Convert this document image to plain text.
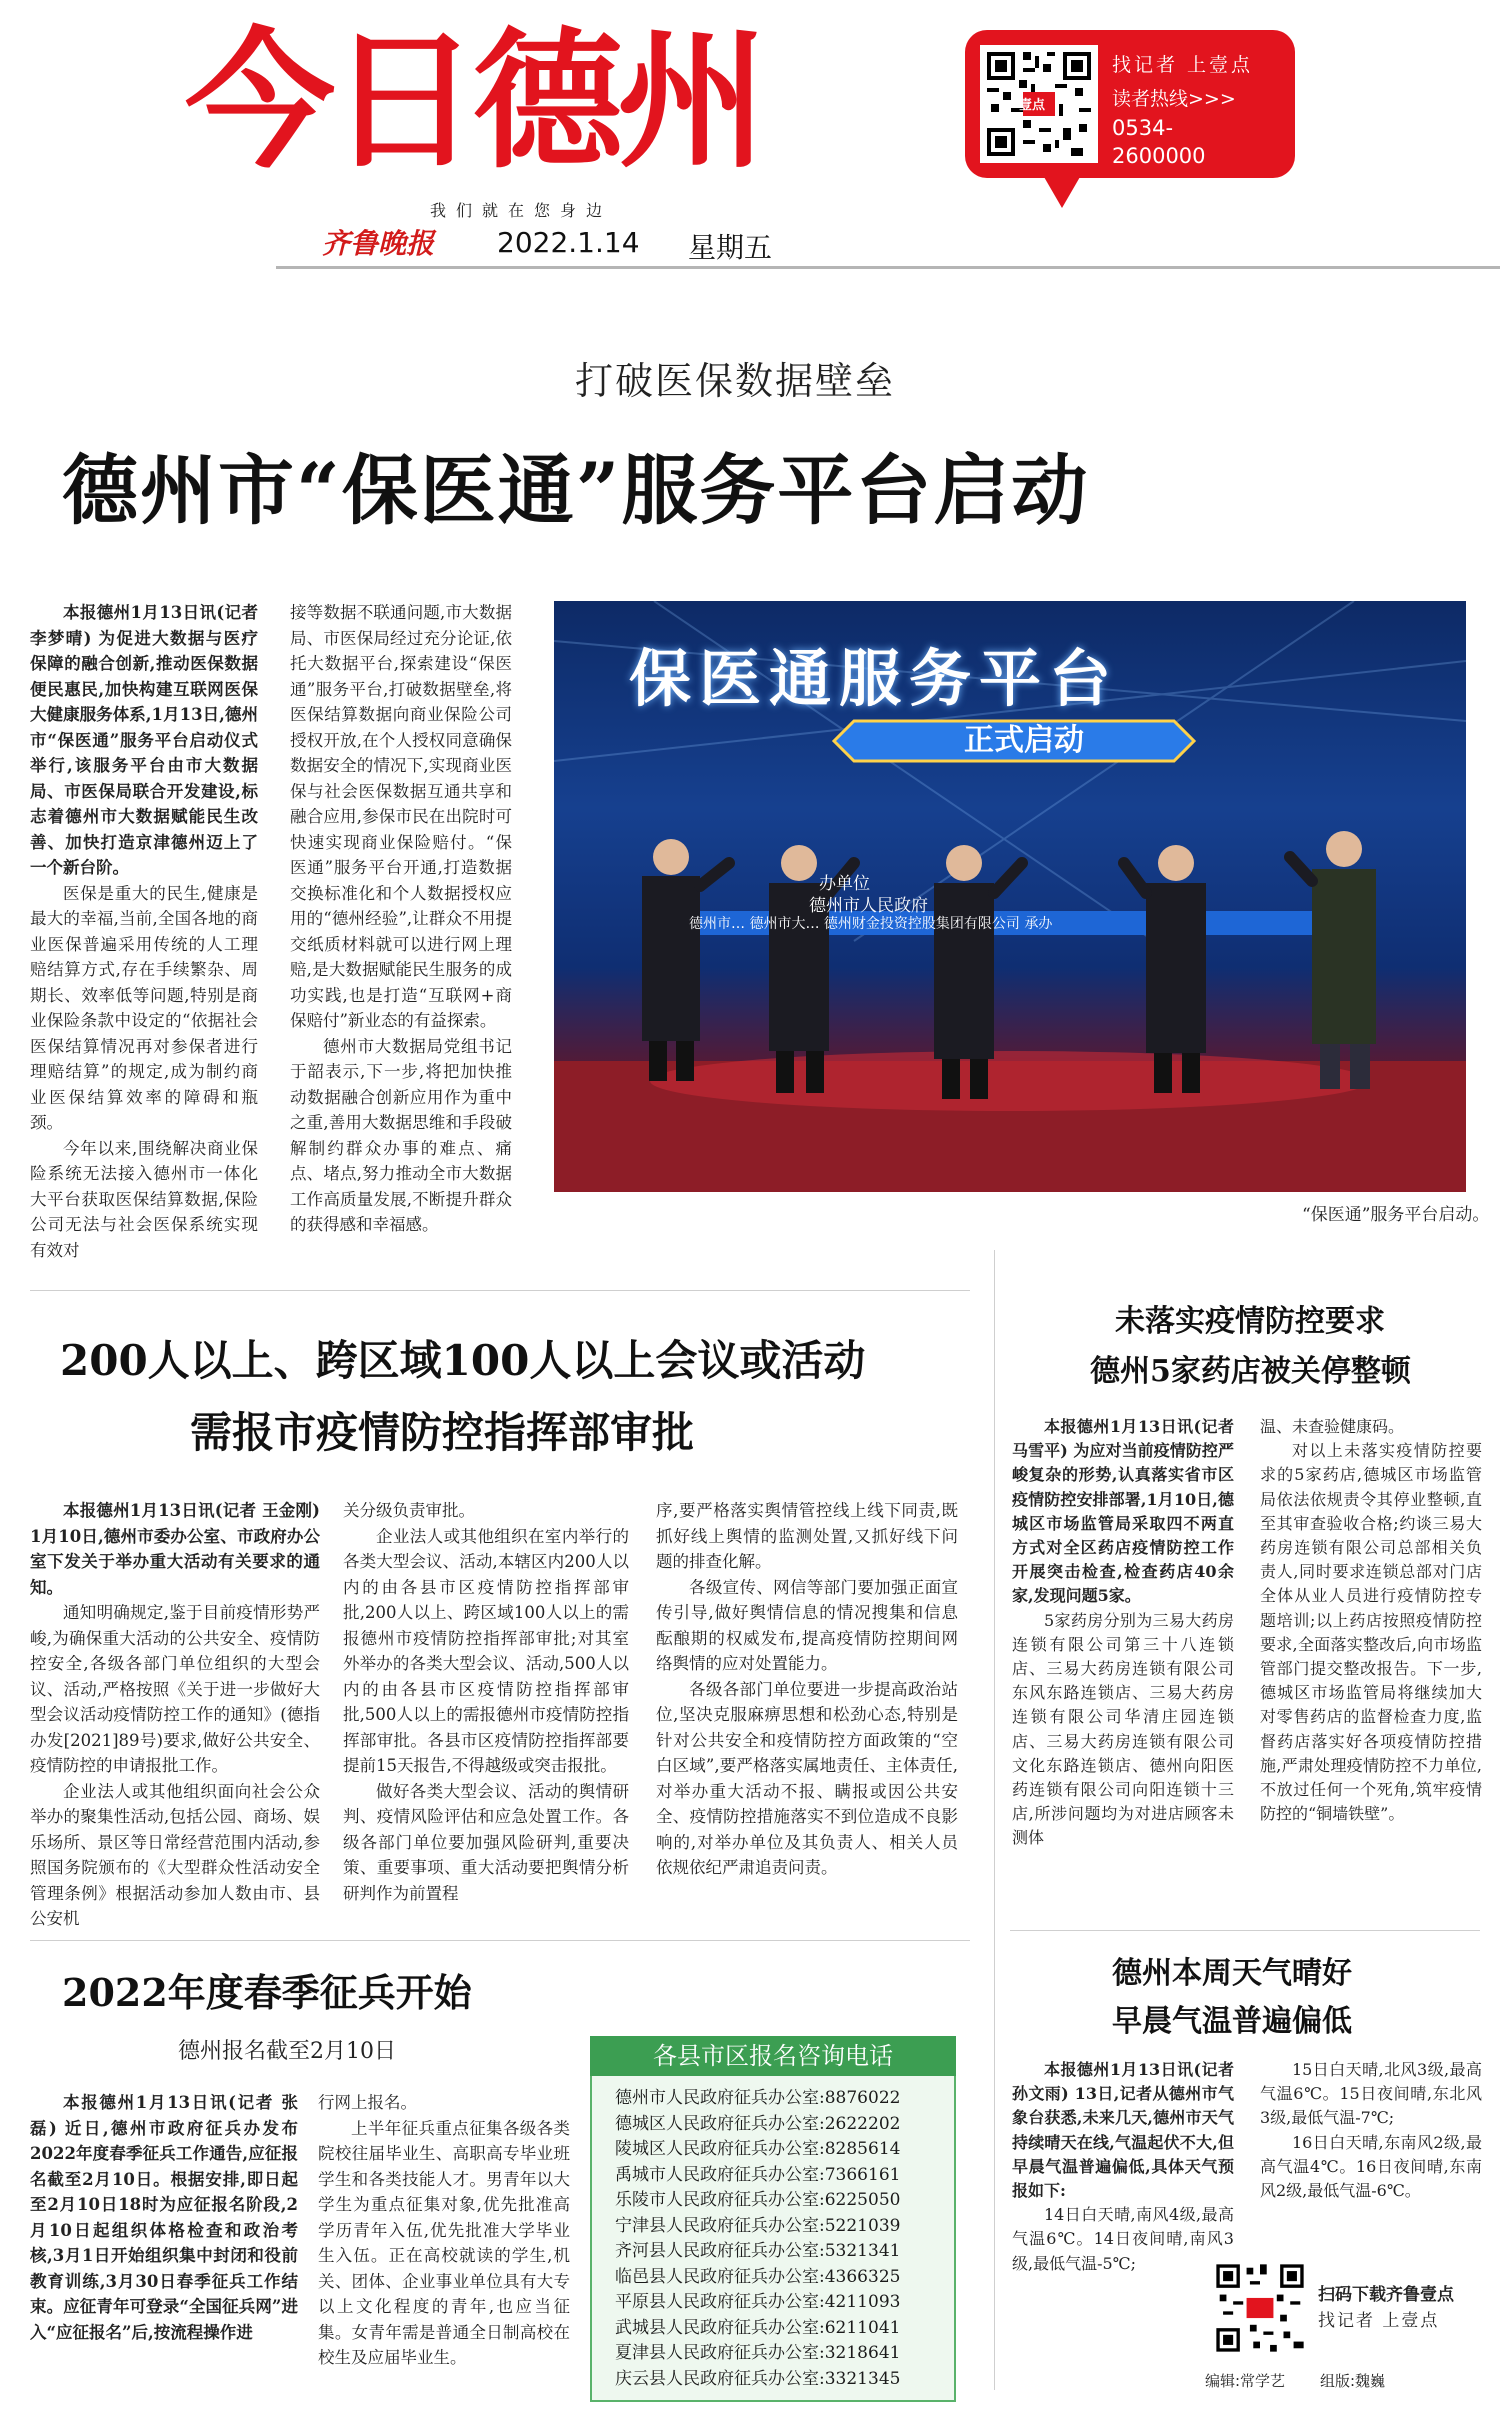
今日德州
我们就在您身边
齐鲁晚报 2022.1.14 星期五
壹点
找记者 上壹点
读者热线>>>
0534-
2600000
打破医保数据壁垒
德州市“保医通”服务平台启动

本报德州1月13日讯(记者 李梦晴) 为促进大数据与医疗保障的融合创新,推动医保数据便民惠民,加快构建互联网医保大健康服务体系,1月13日,德州市“保医通”服务平台启动仪式举行,该服务平台由市大数据局、市医保局联合开发建设,标志着德州市大数据赋能民生改善、加快打造京津德州迈上了一个新台阶。

医保是重大的民生,健康是最大的幸福,当前,全国各地的商业医保普遍采用传统的人工理赔结算方式,存在手续繁杂、周期长、效率低等问题,特别是商业保险条款中设定的“依据社会医保结算情况再对参保者进行理赔结算”的规定,成为制约商业医保结算效率的障碍和瓶颈。

今年以来,围绕解决商业保险系统无法接入德州市一体化大平台获取医保结算数据,保险公司无法与社会医保系统实现有效对

接等数据不联通问题,市大数据局、市医保局经过充分论证,依托大数据平台,探索建设“保医通”服务平台,打破数据壁垒,将医保结算数据向商业保险公司授权开放,在个人授权同意确保数据安全的情况下,实现商业医保与社会医保数据互通共享和融合应用,参保市民在出院时可快速实现商业保险赔付。“保医通”服务平台开通,打造数据交换标准化和个人数据授权应用的“德州经验”,让群众不用提交纸质材料就可以进行网上理赔,是大数据赋能民生服务的成功实践,也是打造“互联网+商保赔付”新业态的有益探索。

德州市大数据局党组书记于韶表示,下一步,将把加快推动数据融合创新应用作为重中之重,善用大数据思维和手段破解制约群众办事的难点、痛点、堵点,努力推动全市大数据工作高质量发展,不断提升群众的获得感和幸福感。

保医通服务平台
正式启动
办单位
德州市人民政府
德州市… 德州市大… 德州财金投资控股集团有限公司 承办
“保医通”服务平台启动。
200人以上、跨区域100人以上会议或活动
需报市疫情防控指挥部审批

本报德州1月13日讯(记者 王金刚) 1月10日,德州市委办公室、市政府办公室下发关于举办重大活动有关要求的通知。

通知明确规定,鉴于目前疫情形势严峻,为确保重大活动的公共安全、疫情防控安全,各级各部门单位组织的大型会议、活动,严格按照《关于进一步做好大型会议活动疫情防控工作的通知》(德指办发[2021]89号)要求,做好公共安全、疫情防控的申请报批工作。

企业法人或其他组织面向社会公众举办的聚集性活动,包括公园、商场、娱乐场所、景区等日常经营范围内活动,参照国务院颁布的《大型群众性活动安全管理条例》根据活动参加人数由市、县公安机

关分级负责审批。

企业法人或其他组织在室内举行的各类大型会议、活动,本辖区内200人以内的由各县市区疫情防控指挥部审批,200人以上、跨区域100人以上的需报德州市疫情防控指挥部审批;对其室外举办的各类大型会议、活动,500人以内的由各县市区疫情防控指挥部审批,500人以上的需报德州市疫情防控指挥部审批。各县市区疫情防控指挥部要提前15天报告,不得越级或突击报批。

做好各类大型会议、活动的舆情研判、疫情风险评估和应急处置工作。各级各部门单位要加强风险研判,重要决策、重要事项、重大活动要把舆情分析研判作为前置程

序,要严格落实舆情管控线上线下同责,既抓好线上舆情的监测处置,又抓好线下问题的排查化解。

各级宣传、网信等部门要加强正面宣传引导,做好舆情信息的情况搜集和信息酝酿期的权威发布,提高疫情防控期间网络舆情的应对处置能力。

各级各部门单位要进一步提高政治站位,坚决克服麻痹思想和松劲心态,特别是针对公共安全和疫情防控方面政策的“空白区域”,要严格落实属地责任、主体责任,对举办重大活动不报、瞒报或因公共安全、疫情防控措施落实不到位造成不良影响的,对举办单位及其负责人、相关人员依规依纪严肃追责问责。

未落实疫情防控要求
德州5家药店被关停整顿

本报德州1月13日讯(记者 马雪平) 为应对当前疫情防控严峻复杂的形势,认真落实省市区疫情防控安排部署,1月10日,德城区市场监管局采取四不两直方式对全区药店疫情防控工作开展突击检查,检查药店40余家,发现问题5家。

5家药房分别为三易大药房连锁有限公司第三十八连锁店、三易大药房连锁有限公司东风东路连锁店、三易大药房连锁有限公司华清庄园连锁店、三易大药房连锁有限公司文化东路连锁店、德州向阳医药连锁有限公司向阳连锁十三店,所涉问题均为对进店顾客未测体

温、未查验健康码。

对以上未落实疫情防控要求的5家药店,德城区市场监管局依法依规责令其停业整顿,直至其审查验收合格;约谈三易大药房连锁有限公司总部相关负责人,同时要求连锁总部对门店全体从业人员进行疫情防控专题培训;以上药店按照疫情防控要求,全面落实整改后,向市场监管部门提交整改报告。下一步,德城区市场监管局将继续加大对零售药店的监督检查力度,监督药店落实好各项疫情防控措施,严肃处理疫情防控不力单位,不放过任何一个死角,筑牢疫情防控的“铜墙铁壁”。

2022年度春季征兵开始
德州报名截至2月10日

本报德州1月13日讯(记者 张磊) 近日,德州市政府征兵办发布2022年度春季征兵工作通告,应征报名截至2月10日。根据安排,即日起至2月10日18时为应征报名阶段,2月10日起组织体格检查和政治考核,3月1日开始组织集中封闭和役前教育训练,3月30日春季征兵工作结束。应征青年可登录“全国征兵网”进入“应征报名”后,按流程操作进

行网上报名。

上半年征兵重点征集各级各类院校往届毕业生、高职高专毕业班学生和各类技能人才。男青年以大学生为重点征集对象,优先批准高学历青年入伍,优先批准大学毕业生入伍。正在高校就读的学生,机关、团体、企业事业单位具有大专以上文化程度的青年,也应当征集。女青年需是普通全日制高校在校生及应届毕业生。

各县市区报名咨询电话
德州市人民政府征兵办公室:8876022
德城区人民政府征兵办公室:2622202
陵城区人民政府征兵办公室:8285614
禹城市人民政府征兵办公室:7366161
乐陵市人民政府征兵办公室:6225050
宁津县人民政府征兵办公室:5221039
齐河县人民政府征兵办公室:5321341
临邑县人民政府征兵办公室:4366325
平原县人民政府征兵办公室:4211093
武城县人民政府征兵办公室:6211041
夏津县人民政府征兵办公室:3218641
庆云县人民政府征兵办公室:3321345
德州本周天气晴好
早晨气温普遍偏低

本报德州1月13日讯(记者 孙文雨) 13日,记者从德州市气象台获悉,未来几天,德州市天气持续晴天在线,气温起伏不大,但早晨气温普遍偏低,具体天气预报如下:

14日白天晴,南风4级,最高气温6℃。14日夜间晴,南风3级,最低气温-5℃;

15日白天晴,北风3级,最高气温6℃。15日夜间晴,东北风3级,最低气温-7℃;

16日白天晴,东南风2级,最高气温4℃。16日夜间晴,东南风2级,最低气温-6℃。

扫码下载齐鲁壹点
找记者 上壹点
编辑:常学艺 组版:魏巍
